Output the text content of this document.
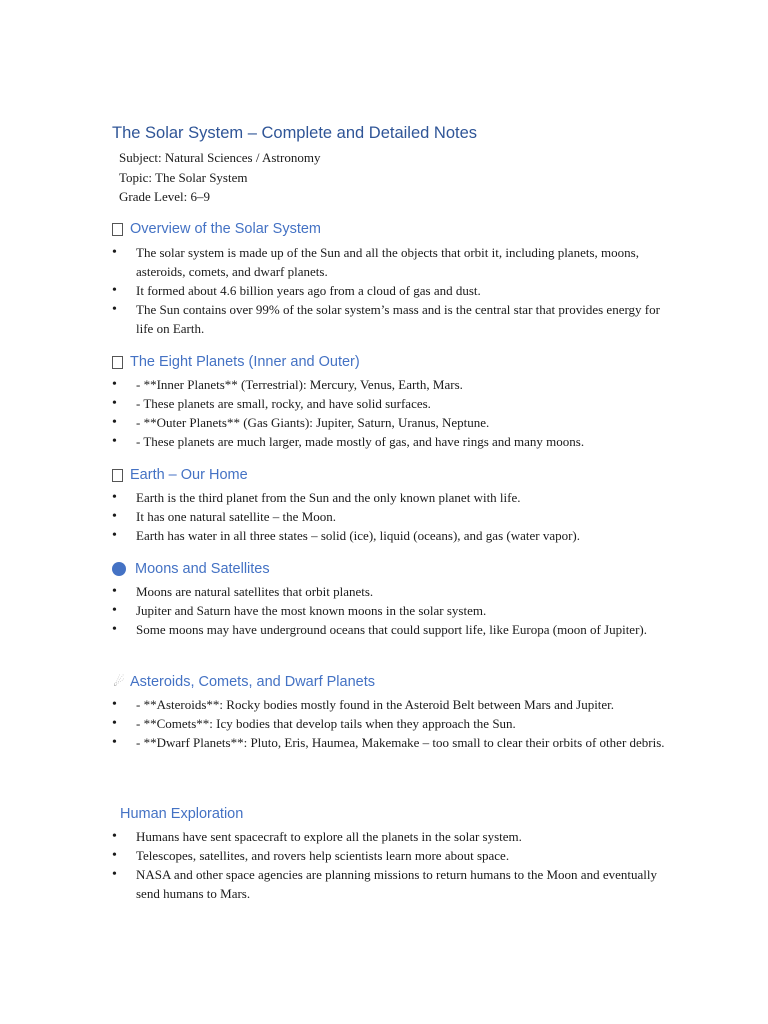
The Solar System – Complete and Detailed Notes
Subject: Natural Sciences / Astronomy
Topic: The Solar System
Grade Level: 6–9
Overview of the Solar System
• The solar system is made up of the Sun and all the objects that orbit it, including planets, moons, asteroids, comets, and dwarf planets.
• It formed about 4.6 billion years ago from a cloud of gas and dust.
• The Sun contains over 99% of the solar system’s mass and is the central star that provides energy for life on Earth.
The Eight Planets (Inner and Outer)
• - **Inner Planets** (Terrestrial): Mercury, Venus, Earth, Mars.
• - These planets are small, rocky, and have solid surfaces.
• - **Outer Planets** (Gas Giants): Jupiter, Saturn, Uranus, Neptune.
• - These planets are much larger, made mostly of gas, and have rings and many moons.
Earth – Our Home
• Earth is the third planet from the Sun and the only known planet with life.
• It has one natural satellite – the Moon.
• Earth has water in all three states – solid (ice), liquid (oceans), and gas (water vapor).
Moons and Satellites
• Moons are natural satellites that orbit planets.
• Jupiter and Saturn have the most known moons in the solar system.
• Some moons may have underground oceans that could support life, like Europa (moon of Jupiter).
☄ Asteroids, Comets, and Dwarf Planets
• - **Asteroids**: Rocky bodies mostly found in the Asteroid Belt between Mars and Jupiter.
• - **Comets**: Icy bodies that develop tails when they approach the Sun.
• - **Dwarf Planets**: Pluto, Eris, Haumea, Makemake – too small to clear their orbits of other debris.
Human Exploration
• Humans have sent spacecraft to explore all the planets in the solar system.
• Telescopes, satellites, and rovers help scientists learn more about space.
• NASA and other space agencies are planning missions to return humans to the Moon and eventually send humans to Mars.
